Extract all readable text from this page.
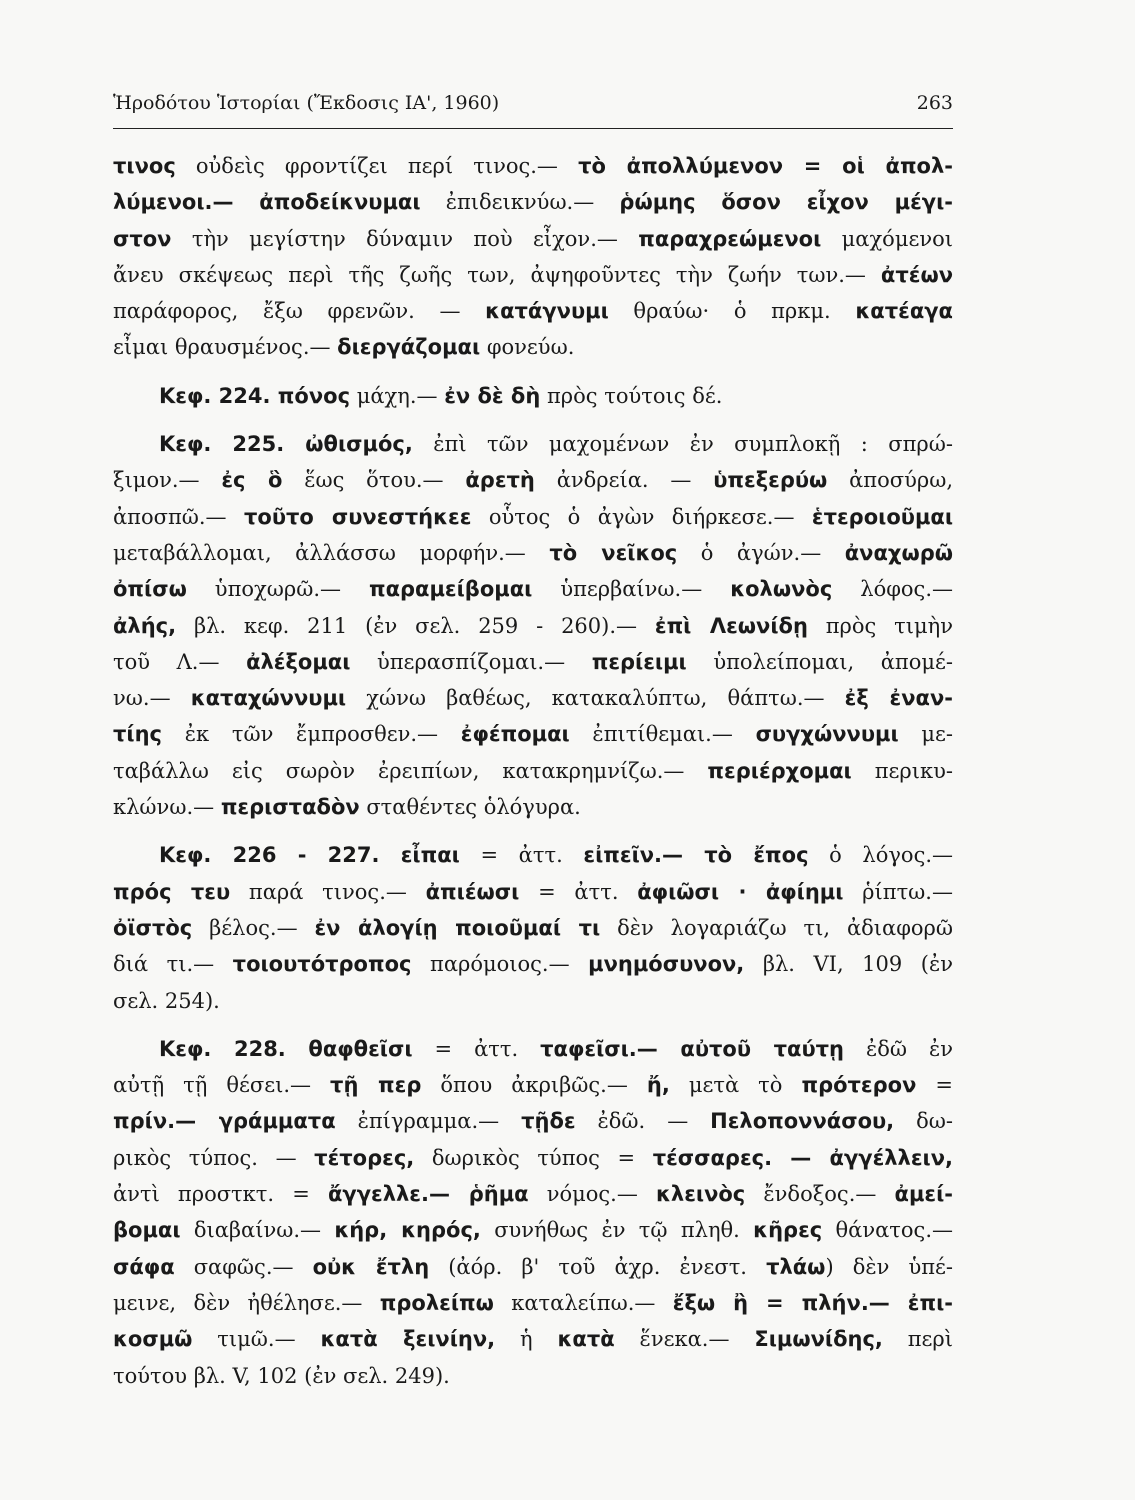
Ἡροδότου Ἱστορίαι (Ἔκδοσις ΙΑ', 1960)	263
τινος οὐδεὶς φροντίζει περί τινος.— τὸ ἀπολλύμενον = οἱ ἀπολ-
λύμενοι.— ἀποδείκνυμαι ἐπιδεικνύω.— ῥώμης ὅσον εἶχον μέγι-
στον τὴν μεγίστην δύναμιν ποὺ εἶχον.— παραχρεώμενοι μαχόμενοι
ἄνευ σκέψεως περὶ τῆς ζωῆς των, ἀψηφοῦντες τὴν ζωήν των.— ἀτέων
παράφορος, ἔξω φρενῶν. — κατάγνυμι θραύω· ὁ πρκμ. κατέαγα
εἶμαι θραυσμένος.— διεργάζομαι φονεύω.
Κεφ. 224. πόνος μάχη.— ἐν δὲ δὴ πρὸς τούτοις δέ.
Κεφ. 225. ὠθισμός, ἐπὶ τῶν μαχομένων ἐν συμπλοκῇ : σπρώ-
ξιμον.— ἐς ὃ ἕως ὅτου.— ἀρετὴ ἀνδρεία. — ὑπεξερύω ἀποσύρω,
ἀποσπῶ.— τοῦτο συνεστήκεε οὗτος ὁ ἀγὼν διήρκεσε.— ἑτεροιοῦμαι
μεταβάλλομαι, ἀλλάσσω μορφήν.— τὸ νεῖκος ὁ ἀγών.— ἀναχωρῶ
ὀπίσω ὑποχωρῶ.— παραμείβομαι ὑπερβαίνω.— κολωνὸς λόφος.—
ἀλής, βλ. κεφ. 211 (ἐν σελ. 259 - 260).— ἐπὶ Λεωνίδῃ πρὸς τιμὴν
τοῦ Λ.— ἀλέξομαι ὑπερασπίζομαι.— περίειμι ὑπολείπομαι, ἀπομέ-
νω.— καταχώννυμι χώνω βαθέως, κατακαλύπτω, θάπτω.— ἐξ ἐναν-
τίης ἐκ τῶν ἔμπροσθεν.— ἐφέπομαι ἐπιτίθεμαι.— συγχώννυμι με-
ταβάλλω εἰς σωρὸν ἐρειπίων, κατακρημνίζω.— περιέρχομαι περικυ-
κλώνω.— περισταδὸν σταθέντες ὁλόγυρα.
Κεφ. 226 - 227. εἶπαι = ἀττ. εἰπεῖν.— τὸ ἔπος ὁ λόγος.—
πρός τευ παρά τινος.— ἀπιέωσι = ἀττ. ἀφιῶσι · ἀφίημι ῥίπτω.—
ὀϊστὸς βέλος.— ἐν ἀλογίῃ ποιοῦμαί τι δὲν λογαριάζω τι, ἀδιαφορῶ
διά τι.— τοιουτότροπος παρόμοιος.— μνημόσυνον, βλ. VI, 109 (ἐν
σελ. 254).
Κεφ. 228. θαφθεῖσι = ἀττ. ταφεῖσι.— αὐτοῦ ταύτῃ ἐδῶ ἐν
αὐτῇ τῇ θέσει.— τῇ περ ὅπου ἀκριβῶς.— ἤ, μετὰ τὸ πρότερον =
πρίν.— γράμματα ἐπίγραμμα.— τῇδε ἐδῶ. — Πελοποννάσου, δω-
ρικὸς τύπος. — τέτορες, δωρικὸς τύπος = τέσσαρες. — ἀγγέλλειν,
ἀντὶ προστκτ. = ἄγγελλε.— ῥῆμα νόμος.— κλεινὸς ἔνδοξος.— ἀμεί-
βομαι διαβαίνω.— κήρ, κηρός, συνήθως ἐν τῷ πληθ. κῆρες θάνατος.—
σάφα σαφῶς.— οὐκ ἔτλη (ἀόρ. β' τοῦ ἀχρ. ἐνεστ. τλάω) δὲν ὑπέ-
μεινε, δὲν ἠθέλησε.— προλείπω καταλείπω.— ἔξω ἢ = πλήν.— ἐπι-
κοσμῶ τιμῶ.— κατὰ ξεινίην, ἡ κατὰ ἕνεκα.— Σιμωνίδης, περὶ
τούτου βλ. V, 102 (ἐν σελ. 249).
